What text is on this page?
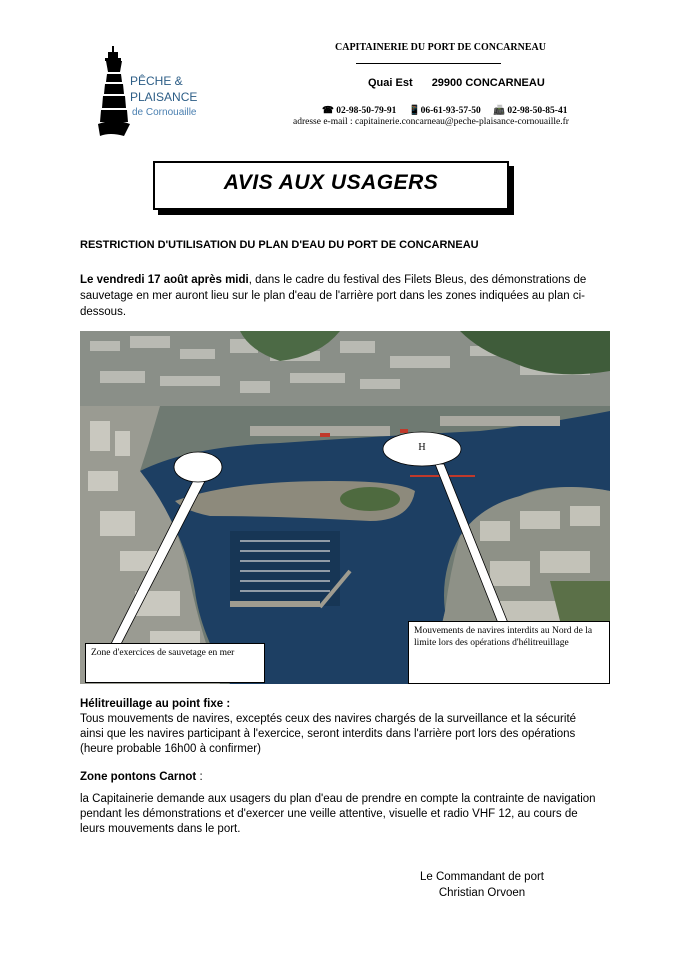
PÊCHE &
PLAISANCE
de Cornouaille
CAPITAINERIE DU PORT DE CONCARNEAU
Quai Est 29900 CONCARNEAU
☎ 02-98-50-79-91 📱06-61-93-57-50 📠 02-98-50-85-41
adresse e-mail : capitainerie.concarneau@peche-plaisance-cornouaille.fr
AVIS AUX USAGERS
RESTRICTION D'UTILISATION DU PLAN D'EAU DU PORT DE CONCARNEAU
Le vendredi 17 août après midi, dans le cadre du festival des Filets Bleus, des démonstrations de sauvetage en mer auront lieu sur le plan d'eau de l'arrière port dans les zones indiquées au plan ci-dessous.
H
Zone d'exercices de sauvetage en mer
Mouvements de navires interdits au Nord de la limite lors des opérations d'hélitreuillage
Hélitreuillage au point fixe :
Tous mouvements de navires, exceptés ceux des navires chargés de la surveillance et la sécurité ainsi que les navires participant à l'exercice, seront interdits dans l'arrière port lors des opérations (heure probable 16h00 à confirmer)
Zone pontons Carnot :
la Capitainerie demande aux usagers du plan d'eau de prendre en compte la contrainte de navigation pendant les démonstrations et d'exercer une veille attentive, visuelle et radio VHF 12, au cours de leurs mouvements dans le port.
Le Commandant de port
Christian Orvoen
